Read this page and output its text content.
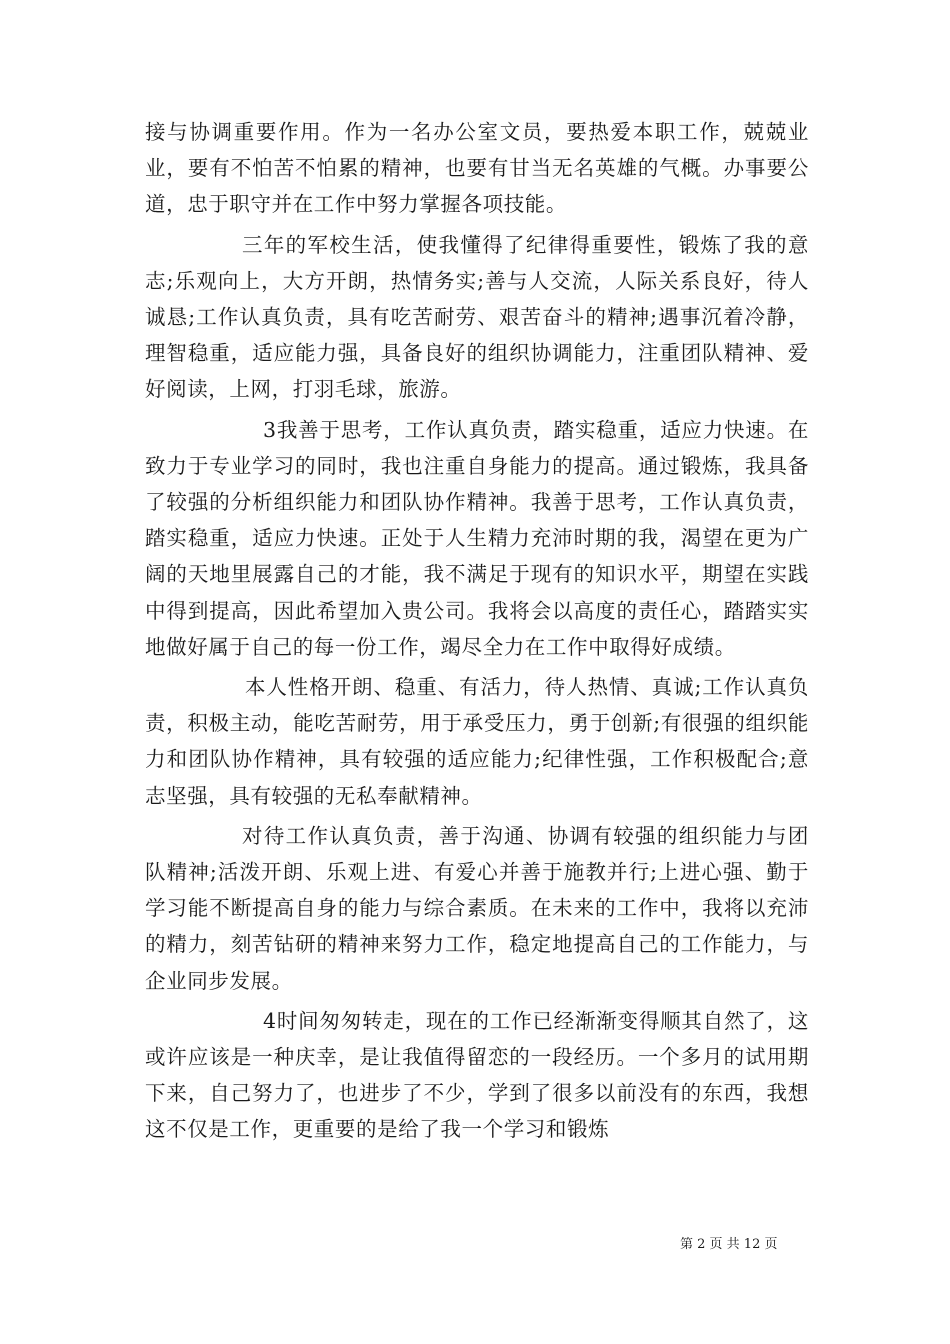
接与协调重要作用。作为一名办公室文员，要热爱本职工作，兢兢业业，要有不怕苦不怕累的精神，也要有甘当无名英雄的气概。办事要公道，忠于职守并在工作中努力掌握各项技能。

三年的军校生活，使我懂得了纪律得重要性，锻炼了我的意志;乐观向上，大方开朗，热情务实;善与人交流，人际关系良好，待人诚恳;工作认真负责，具有吃苦耐劳、艰苦奋斗的精神;遇事沉着冷静，理智稳重，适应能力强，具备良好的组织协调能力，注重团队精神、爱好阅读，上网，打羽毛球，旅游。

3我善于思考，工作认真负责，踏实稳重，适应力快速。在致力于专业学习的同时，我也注重自身能力的提高。通过锻炼，我具备了较强的分析组织能力和团队协作精神。我善于思考，工作认真负责，踏实稳重，适应力快速。正处于人生精力充沛时期的我，渴望在更为广阔的天地里展露自己的才能，我不满足于现有的知识水平，期望在实践中得到提高，因此希望加入贵公司。我将会以高度的责任心，踏踏实实地做好属于自己的每一份工作，竭尽全力在工作中取得好成绩。

本人性格开朗、稳重、有活力，待人热情、真诚;工作认真负责，积极主动，能吃苦耐劳，用于承受压力，勇于创新;有很强的组织能力和团队协作精神，具有较强的适应能力;纪律性强，工作积极配合;意志坚强，具有较强的无私奉献精神。

对待工作认真负责，善于沟通、协调有较强的组织能力与团队精神;活泼开朗、乐观上进、有爱心并善于施教并行;上进心强、勤于学习能不断提高自身的能力与综合素质。在未来的工作中，我将以充沛的精力，刻苦钻研的精神来努力工作，稳定地提高自己的工作能力，与企业同步发展。

4时间匆匆转走，现在的工作已经渐渐变得顺其自然了，这或许应该是一种庆幸，是让我值得留恋的一段经历。一个多月的试用期下来，自己努力了，也进步了不少，学到了很多以前没有的东西，我想这不仅是工作，更重要的是给了我一个学习和锻炼

第 2 页 共 12 页
